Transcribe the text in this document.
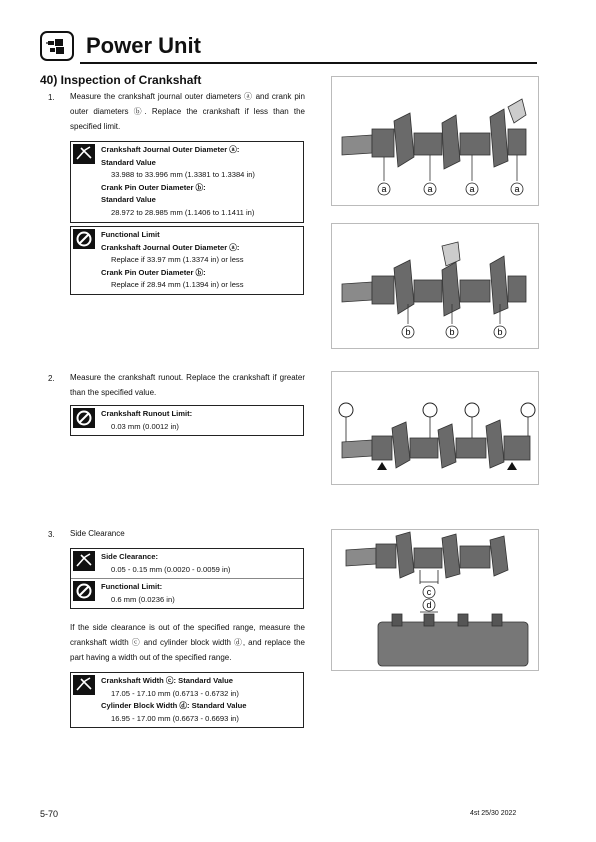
Power Unit
40) Inspection of Crankshaft
1. Measure the crankshaft journal outer diameters ⓐ and crank pin outer diameters ⓑ. Replace the crankshaft if less than the specified limit.
Crankshaft Journal Outer Diameter ⓐ:
Standard Value
33.988 to 33.996 mm (1.3381 to 1.3384 in)
Crank Pin Outer Diameter ⓑ:
Standard Value
28.972 to 28.985 mm (1.1406 to 1.1411 in)
Functional Limit
Crankshaft Journal Outer Diameter ⓐ:
Replace if 33.97 mm (1.3374 in) or less
Crank Pin Outer Diameter ⓑ:
Replace if 28.94 mm (1.1394 in) or less
a	a	a	a
b	b	b
2. Measure the crankshaft runout. Replace the crankshaft if greater than the specified value.
Crankshaft Runout Limit:
0.03 mm (0.0012 in)
3. Side Clearance
Side Clearance:
0.05 - 0.15 mm (0.0020 - 0.0059 in)
Functional Limit:
0.6 mm (0.0236 in)
If the side clearance is out of the specified range, measure the crankshaft width ⓒ and cylinder block width ⓓ, and replace the part having a width out of the specified range.
Crankshaft Width ⓒ: Standard Value
17.05 - 17.10 mm (0.6713 - 0.6732 in)
Cylinder Block Width ⓓ: Standard Value
16.95 - 17.00 mm (0.6673 - 0.6693 in)
c
d
5-70	4st 25/30 2022
